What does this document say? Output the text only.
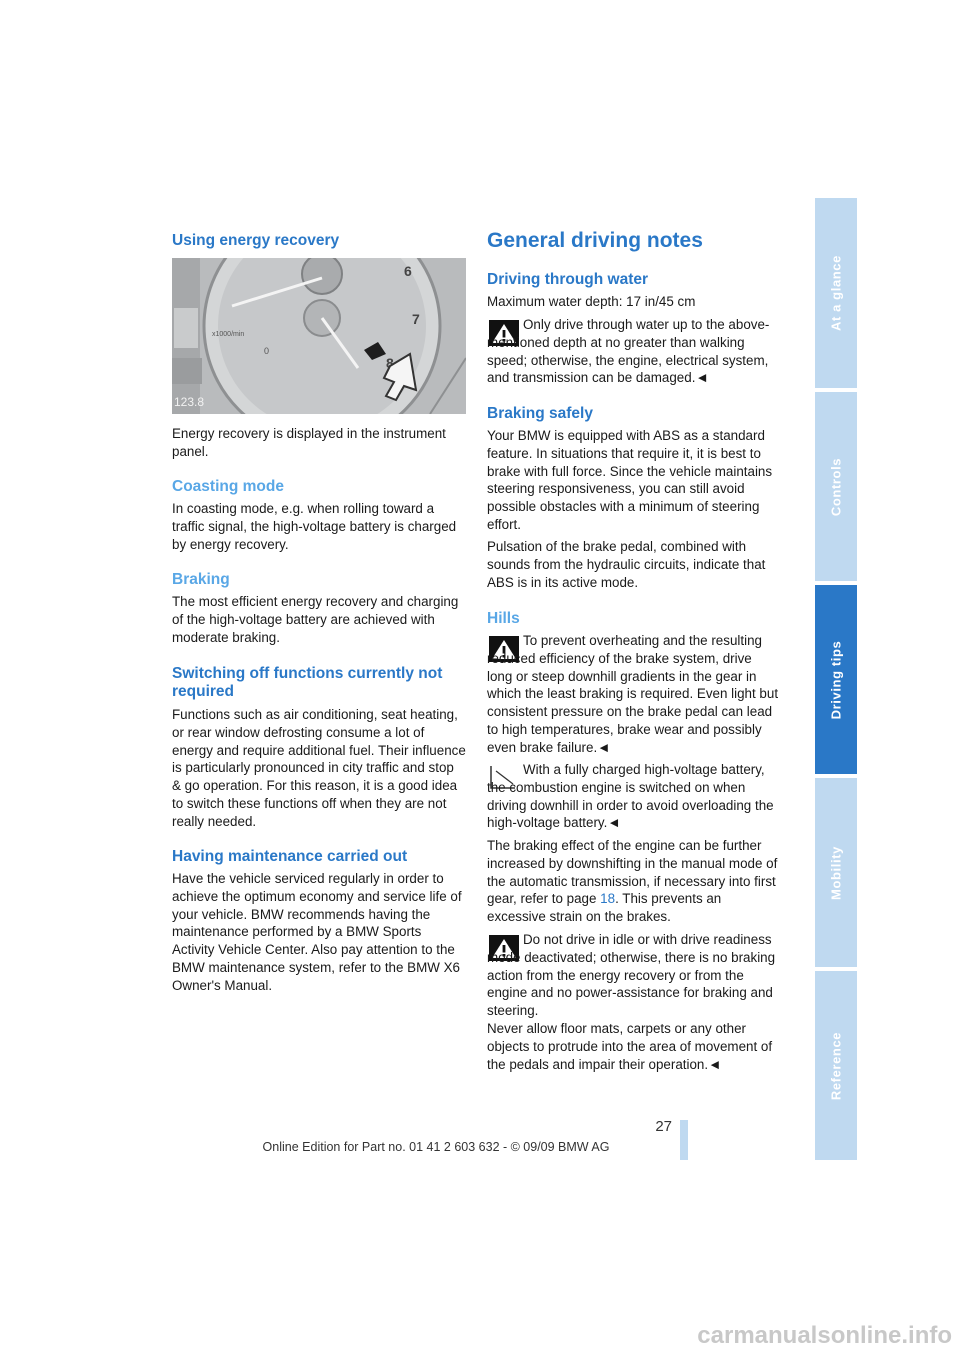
Using energy recovery
6
7
8
x1000/min
0
123.8

Energy recovery is displayed in the instrument panel.

Coasting mode

In coasting mode, e.g. when rolling toward a traffic signal, the high-voltage battery is charged by energy recovery.

Braking

The most efficient energy recovery and charging of the high-voltage battery are achieved with moderate braking.

Switching off functions currently not required

Functions such as air conditioning, seat heating, or rear window defrosting consume a lot of energy and require additional fuel. Their influence is particularly pronounced in city traffic and stop & go operation. For this reason, it is a good idea to switch these functions off when they are not really needed.

Having maintenance carried out

Have the vehicle serviced regularly in order to achieve the optimum economy and service life of your vehicle. BMW recommends having the maintenance performed by a BMW Sports Activity Vehicle Center. Also pay attention to the BMW maintenance system, refer to the BMW X6 Owner's Manual.

General driving notes
Driving through water

Maximum water depth: 17 in/45 cm

Only drive through water up to the above-mentioned depth at no greater than walking speed; otherwise, the engine, electrical system, and transmission can be damaged.◄

Braking safely

Your BMW is equipped with ABS as a standard feature. In situations that require it, it is best to brake with full force. Since the vehicle maintains steering responsiveness, you can still avoid possible obstacles with a minimum of steering effort.

Pulsation of the brake pedal, combined with sounds from the hydraulic circuits, indicate that ABS is in its active mode.

Hills

To prevent overheating and the resulting reduced efficiency of the brake system, drive long or steep downhill gradients in the gear in which the least braking is required. Even light but consistent pressure on the brake pedal can lead to high temperatures, brake wear and possibly even brake failure.◄

With a fully charged high-voltage battery, the combustion engine is switched on when driving downhill in order to avoid overloading the high-voltage battery.◄

The braking effect of the engine can be further increased by downshifting in the manual mode of the automatic transmission, if necessary into first gear, refer to page 18. This prevents an excessive strain on the brakes.

Do not drive in idle or with drive readiness mode deactivated; otherwise, there is no braking action from the energy recovery or from the engine and no power-assistance for braking and steering.

Never allow floor mats, carpets or any other objects to protrude into the area of movement of the pedals and impair their operation.◄

At a glance
Controls
Driving tips
Mobility
Reference
27
Online Edition for Part no. 01 41 2 603 632 - © 09/09 BMW AG
carmanualsonline.info
